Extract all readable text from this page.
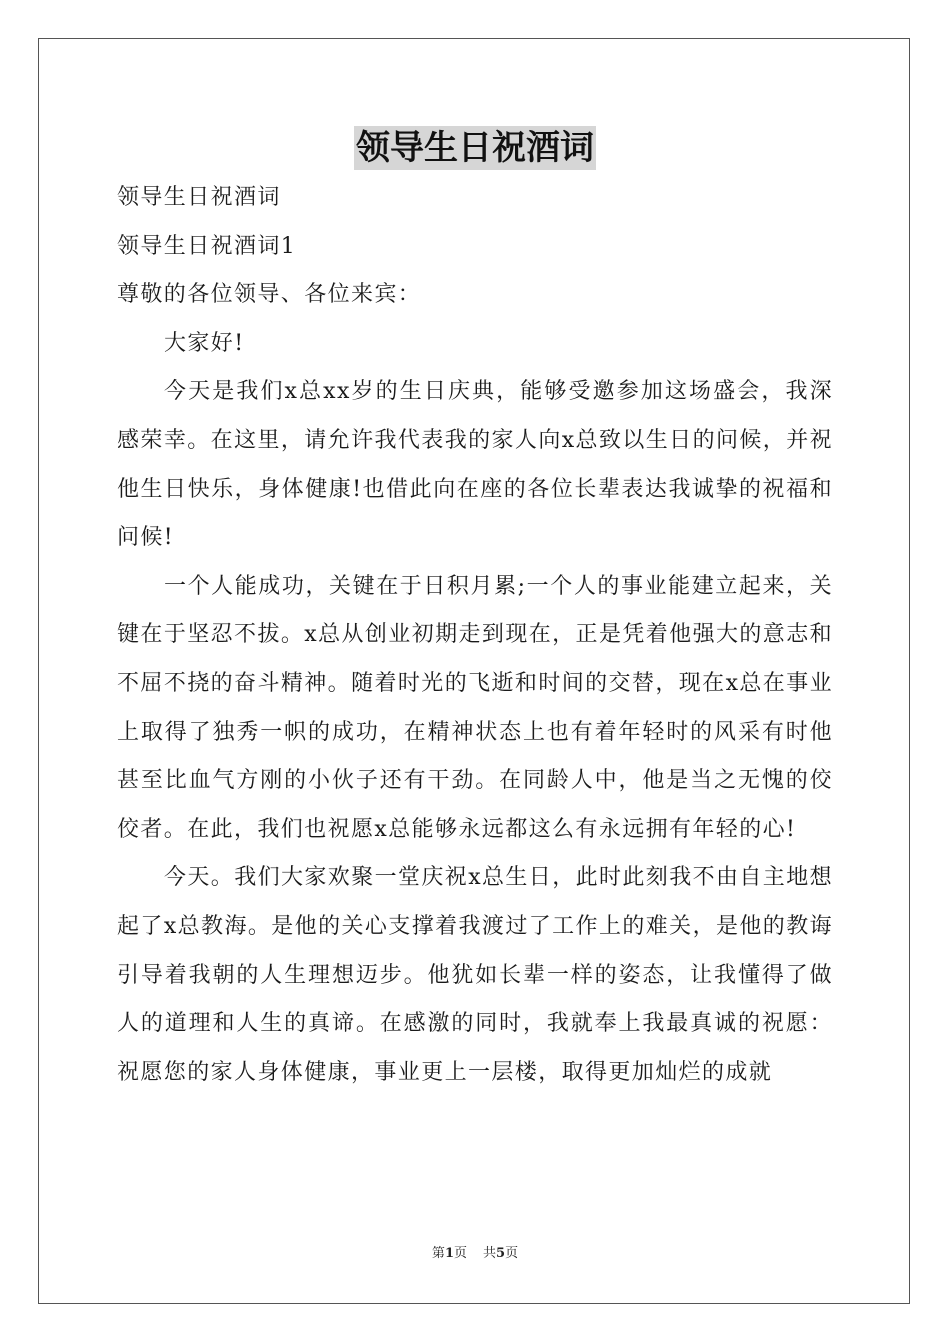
领导生日祝酒词

领导生日祝酒词

领导生日祝酒词1

尊敬的各位领导、各位来宾：

大家好!

今天是我们x总xx岁的生日庆典，能够受邀参加这场盛会，我深感荣幸。在这里，请允许我代表我的家人向x总致以生日的问候，并祝他生日快乐，身体健康!也借此向在座的各位长辈表达我诚挚的祝福和问候!

一个人能成功，关键在于日积月累;一个人的事业能建立起来，关键在于坚忍不拔。x总从创业初期走到现在，正是凭着他强大的意志和不屈不挠的奋斗精神。随着时光的飞逝和时间的交替，现在x总在事业上取得了独秀一帜的成功，在精神状态上也有着年轻时的风采有时他甚至比血气方刚的小伙子还有干劲。在同龄人中，他是当之无愧的佼佼者。在此，我们也祝愿x总能够永远都这么有永远拥有年轻的心!

今天。我们大家欢聚一堂庆祝x总生日，此时此刻我不由自主地想起了x总教海。是他的关心支撑着我渡过了工作上的难关，是他的教诲引导着我朝的人生理想迈步。他犹如长辈一样的姿态，让我懂得了做人的道理和人生的真谛。在感激的同时，我就奉上我最真诚的祝愿：祝愿您的家人身体健康，事业更上一层楼，取得更加灿烂的成就

第1页 共5页
